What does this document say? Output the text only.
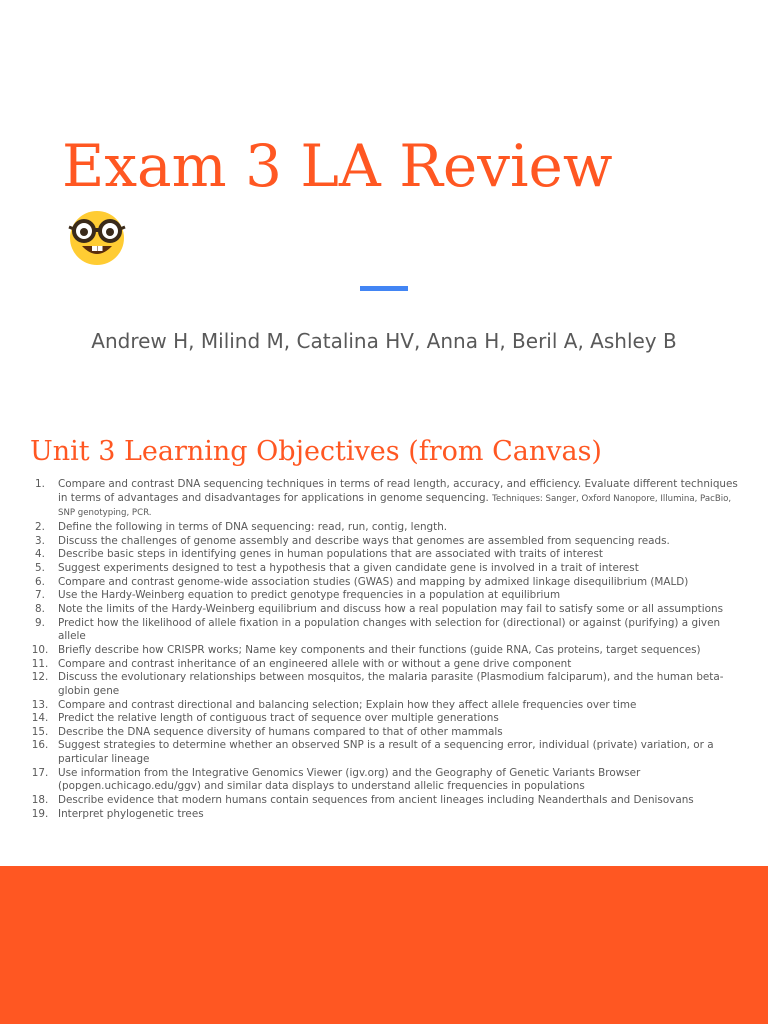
Exam 3 LA Review
Andrew H, Milind M, Catalina HV, Anna H, Beril A, Ashley B
Unit 3 Learning Objectives (from Canvas)
1.	Compare and contrast DNA sequencing techniques in terms of read length, accuracy, and efficiency. Evaluate different techniques in terms of advantages and disadvantages for applications in genome sequencing. Techniques: Sanger, Oxford Nanopore, Illumina, PacBio, SNP genotyping, PCR.
2.	Define the following in terms of DNA sequencing: read, run, contig, length.
3.	Discuss the challenges of genome assembly and describe ways that genomes are assembled from sequencing reads.
4.	Describe basic steps in identifying genes in human populations that are associated with traits of interest
5.	Suggest experiments designed to test a hypothesis that a given candidate gene is involved in a trait of interest
6.	Compare and contrast genome-wide association studies (GWAS) and mapping by admixed linkage disequilibrium (MALD)
7.	Use the Hardy-Weinberg equation to predict genotype frequencies in a population at equilibrium
8.	Note the limits of the Hardy-Weinberg equilibrium and discuss how a real population may fail to satisfy some or all assumptions
9.	Predict how the likelihood of allele fixation in a population changes with selection for (directional) or against (purifying) a given allele
10. Briefly describe how CRISPR works; Name key components and their functions (guide RNA, Cas proteins, target sequences)
11. Compare and contrast inheritance of an engineered allele with or without a gene drive component
12. Discuss the evolutionary relationships between mosquitos, the malaria parasite (Plasmodium falciparum), and the human beta-globin gene
13. Compare and contrast directional and balancing selection; Explain how they affect allele frequencies over time
14. Predict the relative length of contiguous tract of sequence over multiple generations
15. Describe the DNA sequence diversity of humans compared to that of other mammals
16. Suggest strategies to determine whether an observed SNP is a result of a sequencing error, individual (private) variation, or a particular lineage
17. Use information from the Integrative Genomics Viewer (igv.org) and the Geography of Genetic Variants Browser (popgen.uchicago.edu/ggv) and similar data displays to understand allelic frequencies in populations
18. Describe evidence that modern humans contain sequences from ancient lineages including Neanderthals and Denisovans
19. Interpret phylogenetic trees
